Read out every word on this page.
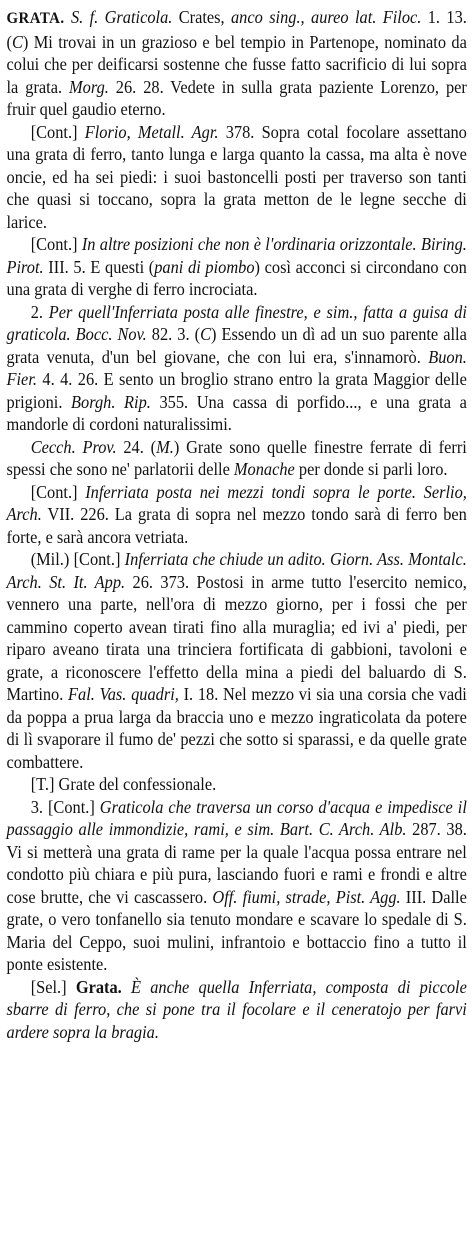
GRATA. S. f. Graticola. Crates, anco sing., aureo lat. Filoc. 1. 13. (C) Mi trovai in un grazioso e bel tempio in Partenope, nominato da colui che per deificarsi sostenne che fusse fatto sacrificio di lui sopra la grata. Morg. 26. 28. Vedete in sulla grata paziente Lorenzo, per fruir quel gaudio eterno.

[Cont.] Florio, Metall. Agr. 378. Sopra cotal focolare assettano una grata di ferro, tanto lunga e larga quanto la cassa, ma alta è nove oncie, ed ha sei piedi: i suoi bastoncelli posti per traverso son tanti che quasi si toccano, sopra la grata metton de le legne secche di larice.

[Cont.] In altre posizioni che non è l'ordinaria orizzontale. Biring. Pirot. III. 5. E questi (pani di piombo) così acconci si circondano con una grata di verghe di ferro incrociata.

2. Per quell'Inferriata posta alle finestre, e sim., fatta a guisa di graticola. Bocc. Nov. 82. 3. (C) Essendo un dì ad un suo parente alla grata venuta, d'un bel giovane, che con lui era, s'innamorò. Buon. Fier. 4. 4. 26. E sento un broglio strano entro la grata Maggior delle prigioni. Borgh. Rip. 355. Una cassa di porfido..., e una grata a mandorle di cordoni naturalissimi.

Cecch. Prov. 24. (M.) Grate sono quelle finestre ferrate di ferri spessi che sono ne' parlatorii delle Monache per donde si parli loro.

[Cont.] Inferriata posta nei mezzi tondi sopra le porte. Serlio, Arch. VII. 226. La grata di sopra nel mezzo tondo sarà di ferro ben forte, e sarà ancora vetriata.

(Mil.) [Cont.] Inferriata che chiude un adito. Giorn. Ass. Montalc. Arch. St. It. App. 26. 373. Postosi in arme tutto l'esercito nemico, vennero una parte, nell'ora di mezzo giorno, per i fossi che per cammino coperto avean tirati fino alla muraglia; ed ivi a' piedi, per riparo aveano tirata una trinciera fortificata di gabbioni, tavoloni e grate, a riconoscere l'effetto della mina a piedi del baluardo di S. Martino. Fal. Vas. quadri, I. 18. Nel mezzo vi sia una corsia che vadi da poppa a prua larga da braccia uno e mezzo ingraticolata da potere di lì svaporare il fumo de' pezzi che sotto si sparassi, e da quelle grate combattere.

[T.] Grate del confessionale.

3. [Cont.] Graticola che traversa un corso d'acqua e impedisce il passaggio alle immondizie, rami, e sim. Bart. C. Arch. Alb. 287. 38. Vi si metterà una grata di rame per la quale l'acqua possa entrare nel condotto più chiara e più pura, lasciando fuori e rami e frondi e altre cose brutte, che vi cascassero. Off. fiumi, strade, Pist. Agg. III. Dalle grate, o vero tonfanello sia tenuto mondare e scavare lo spedale di S. Maria del Ceppo, suoi mulini, infrantoio e bottaccio fino a tutto il ponte esistente.

[Sel.] Grata. È anche quella Inferriata, composta di piccole sbarre di ferro, che si pone tra il focolare e il ceneratojo per farvi ardere sopra la bragia.
